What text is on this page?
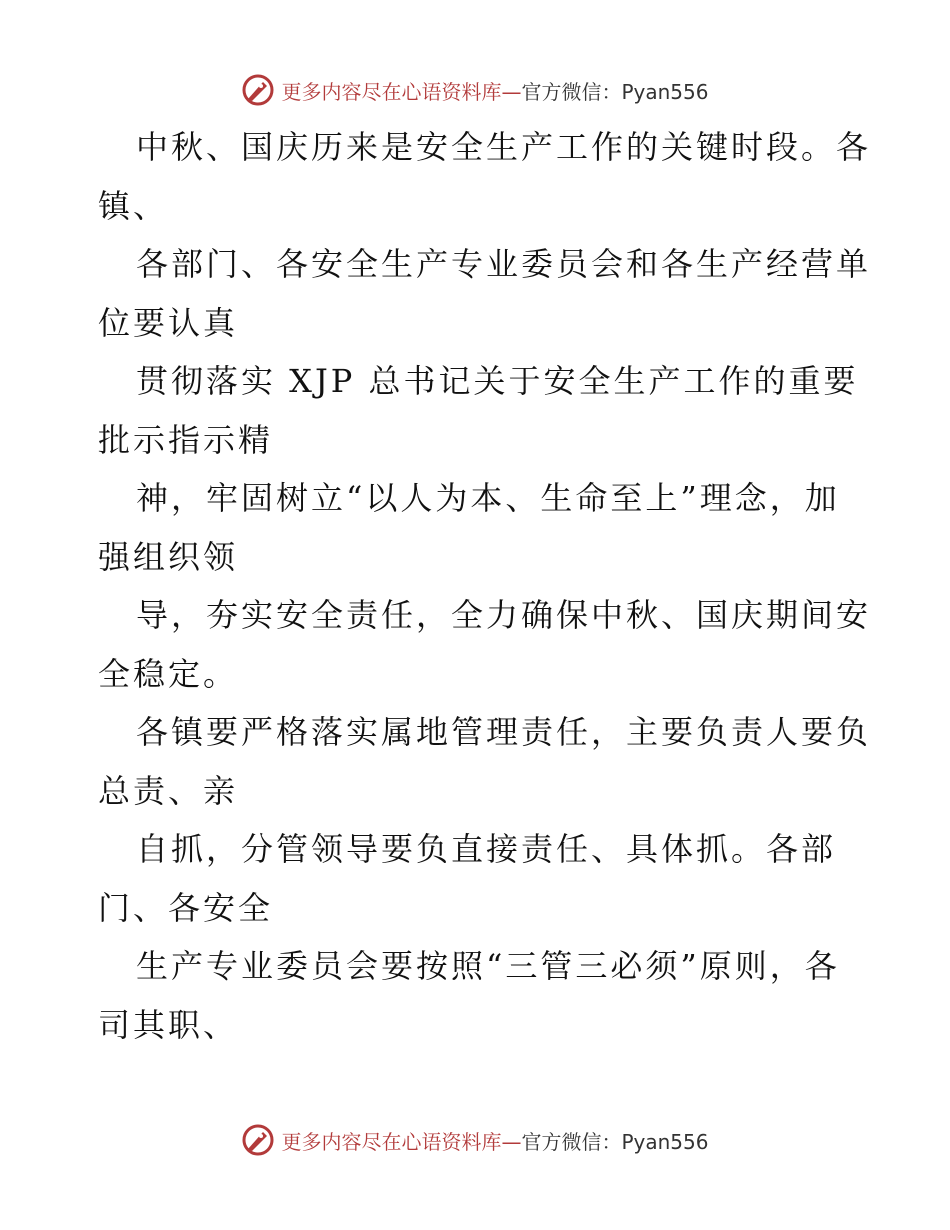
更多内容尽在心语资料库—官方微信：Pyan556
中秋、国庆历来是安全生产工作的关键时段。各
镇、
各部门、各安全生产专业委员会和各生产经营单
位要认真
贯彻落实 XJP 总书记关于安全生产工作的重要
批示指示精
神，牢固树立“以人为本、生命至上”理念，加
强组织领
导，夯实安全责任，全力确保中秋、国庆期间安
全稳定。
各镇要严格落实属地管理责任，主要负责人要负
总责、亲
自抓，分管领导要负直接责任、具体抓。各部
门、各安全
生产专业委员会要按照“三管三必须”原则，各
司其职、
更多内容尽在心语资料库—官方微信：Pyan556
